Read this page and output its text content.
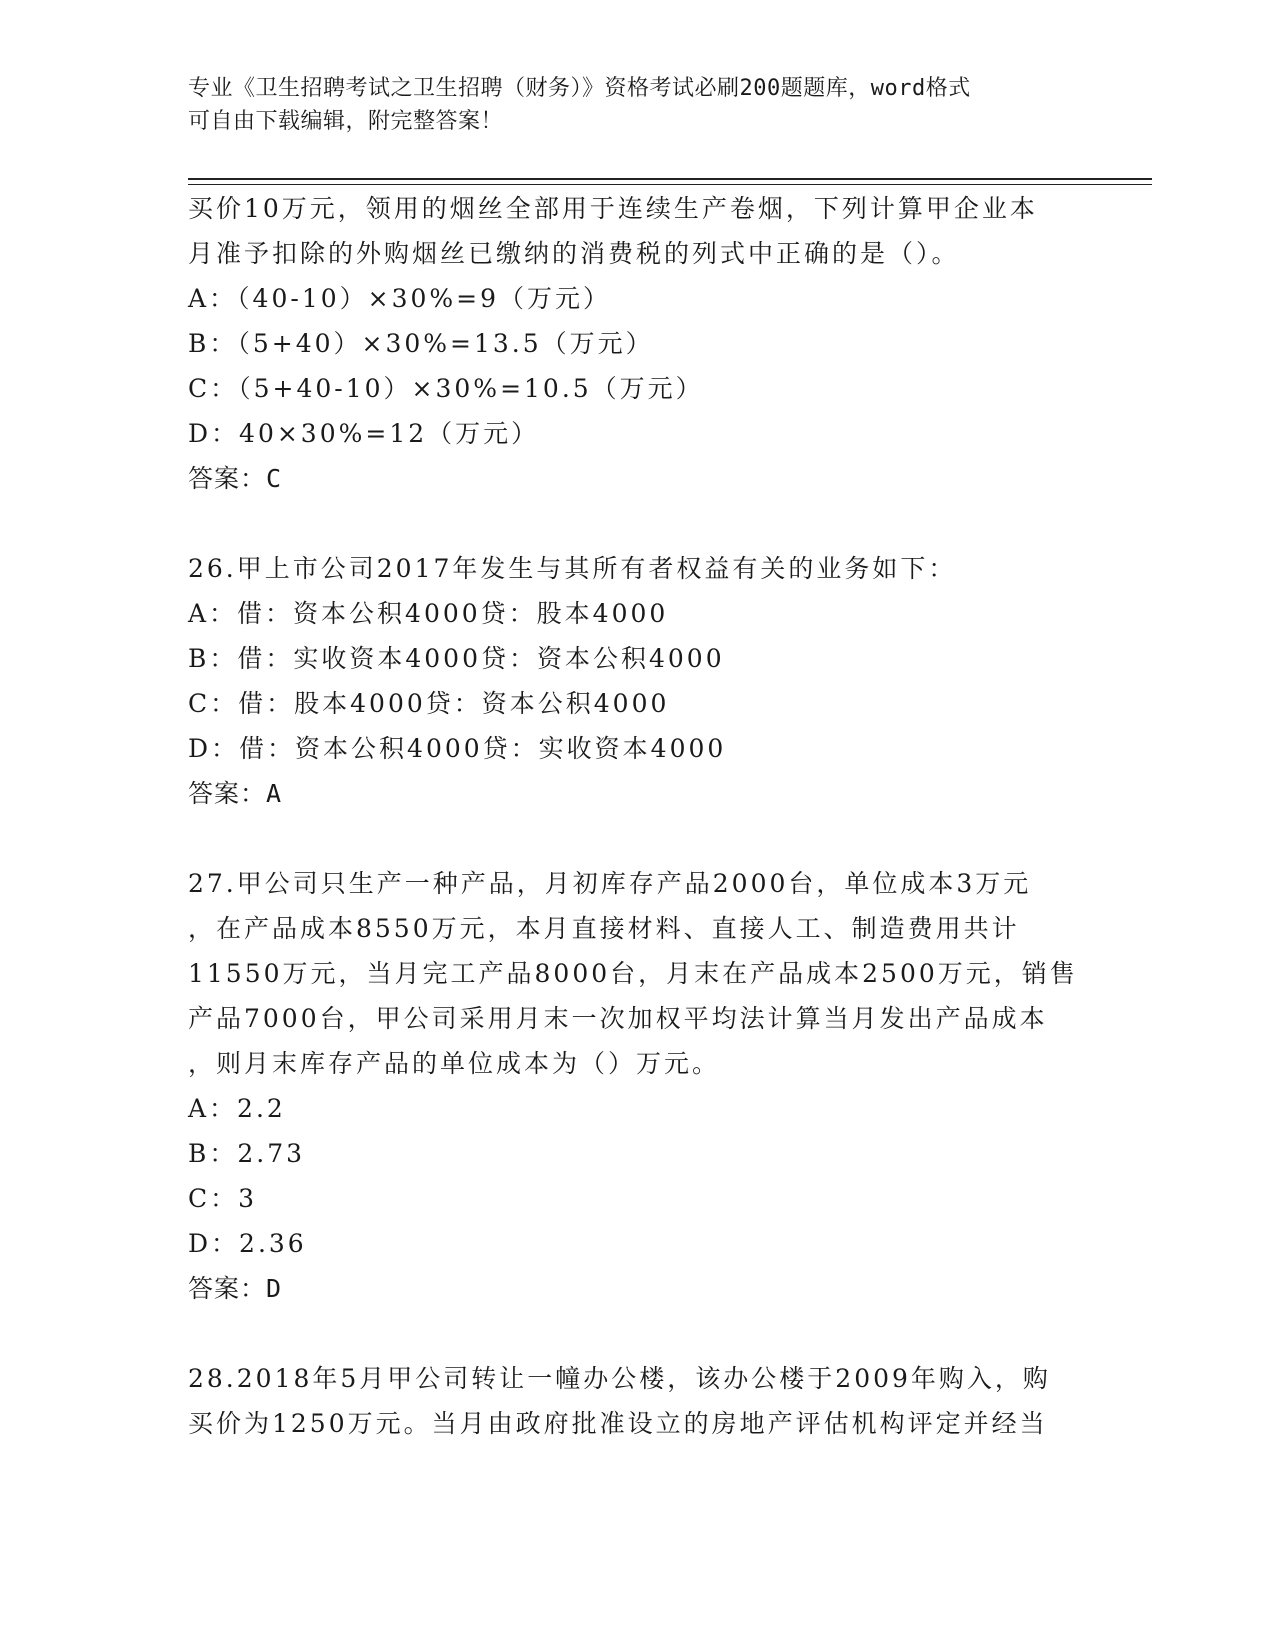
专业《卫生招聘考试之卫生招聘（财务）》资格考试必刷200题题库，word格式
可自由下载编辑，附完整答案！
买价10万元，领用的烟丝全部用于连续生产卷烟，下列计算甲企业本
月准予扣除的外购烟丝已缴纳的消费税的列式中正确的是（）。
A：（40-10）×30%=9（万元）
B：（5+40）×30%=13.5（万元）
C：（5+40-10）×30%=10.5（万元）
D：40×30%=12（万元）
答案：C
26.甲上市公司2017年发生与其所有者权益有关的业务如下：
A：借：资本公积4000贷：股本4000
B：借：实收资本4000贷：资本公积4000
C：借：股本4000贷：资本公积4000
D：借：资本公积4000贷：实收资本4000
答案：A
27.甲公司只生产一种产品，月初库存产品2000台，单位成本3万元
，在产品成本8550万元，本月直接材料、直接人工、制造费用共计
11550万元，当月完工产品8000台，月末在产品成本2500万元，销售
产品7000台，甲公司采用月末一次加权平均法计算当月发出产品成本
，则月末库存产品的单位成本为（）万元。
A：2.2
B：2.73
C：3
D：2.36
答案：D
28.2018年5月甲公司转让一幢办公楼，该办公楼于2009年购入，购
买价为1250万元。当月由政府批准设立的房地产评估机构评定并经当
